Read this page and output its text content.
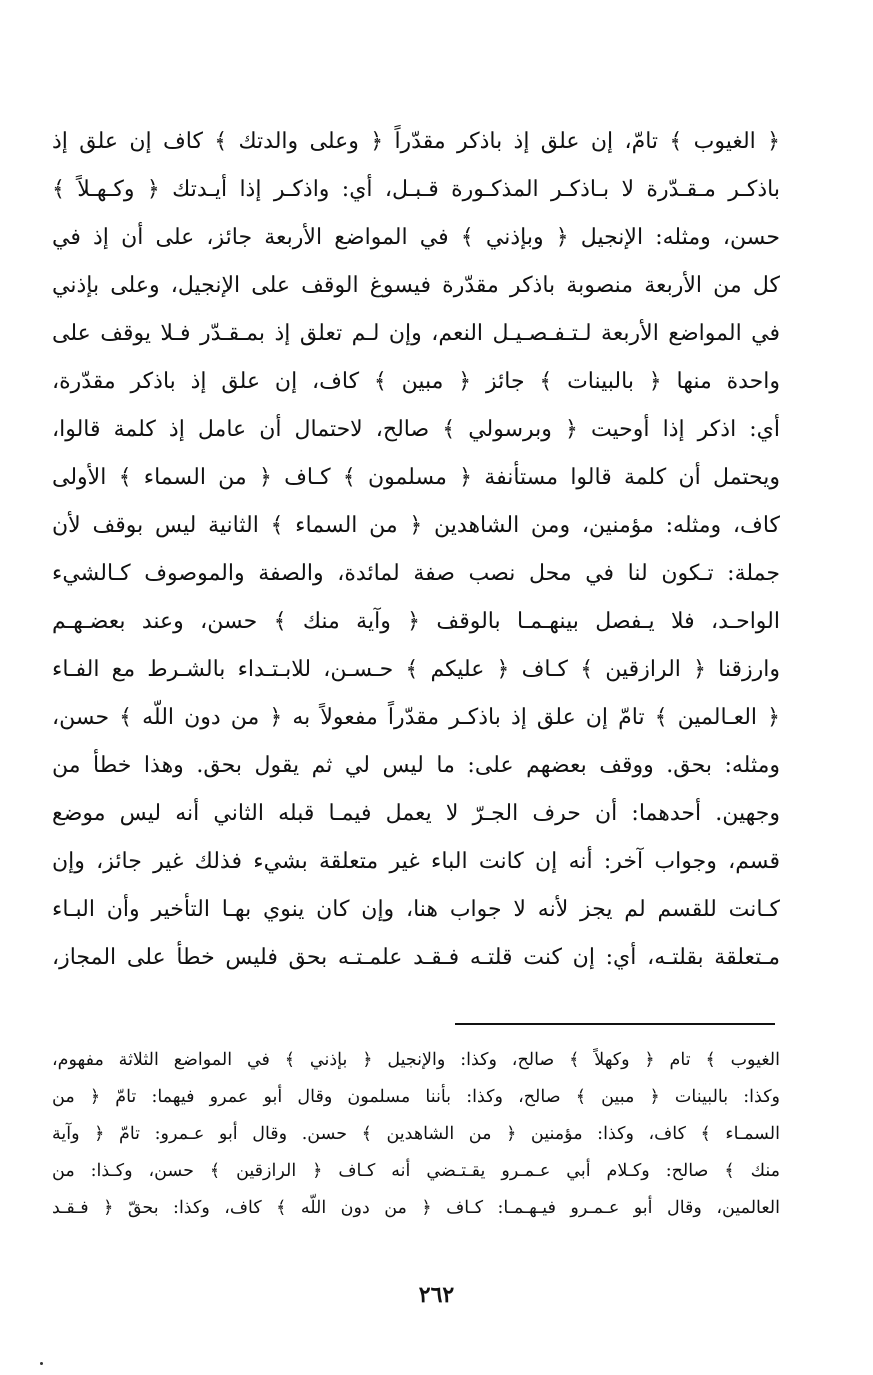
﴿ الغيوب ﴾ تامّ، إن علق إذ باذكر مقدّراً ﴿ وعلى والدتك ﴾ كاف إن علق إذ
باذكـر مـقـدّرة لا بـاذكـر المذكـورة قـبـل، أي: واذكـر إذا أيـدتك ﴿ وكـهـلاً ﴾
حسن، ومثله: الإنجيل ﴿ وبإذني ﴾ في المواضع الأربعة جائز، على أن إذ في
كل من الأربعة منصوبة باذكر مقدّرة فيسوغ الوقف على الإنجيل، وعلى بإذني
في المواضع الأربعة لـتـفـصـيـل النعم، وإن لـم تعلق إذ بمـقـدّر فـلا يوقف على
واحدة منها ﴿ بالبينات ﴾ جائز ﴿ مبين ﴾ كاف، إن علق إذ باذكر مقدّرة،
أي: اذكر إذا أوحيت ﴿ وبرسولي ﴾ صالح، لاحتمال أن عامل إذ كلمة قالوا،
ويحتمل أن كلمة قالوا مستأنفة ﴿ مسلمون ﴾ كـاف ﴿ من السماء ﴾ الأولى
كاف، ومثله: مؤمنين، ومن الشاهدين ﴿ من السماء ﴾ الثانية ليس بوقف لأن
جملة: تـكون لنا في محل نصب صفة لمائدة، والصفة والموصوف كـالشيء
الواحـد، فلا يـفصل بينهـمـا بالوقف ﴿ وآية منك ﴾ حسن، وعند بعضـهـم
وارزقنا ﴿ الرازقين ﴾ كـاف ﴿ عليكم ﴾ حـسـن، للابـتـداء بالشـرط مع الفـاء
﴿ العـالمين ﴾ تامّ إن علق إذ باذكـر مقدّراً مفعولاً به ﴿ من دون اللّه ﴾ حسن،
ومثله: بحق. ووقف بعضهم على: ما ليس لي ثم يقول بحق. وهذا خطأ من
وجهين. أحدهما: أن حرف الجـرّ لا يعمل فيمـا قبله الثاني أنه ليس موضع
قسم، وجواب آخر: أنه إن كانت الباء غير متعلقة بشيء فذلك غير جائز، وإن
كـانت للقسم لم يجز لأنه لا جواب هنا، وإن كان ينوي بهـا التأخير وأن البـاء
مـتعلقة بقلتـه، أي: إن كنت قلتـه فـقـد علمـتـه بحق فليس خطأ على المجاز،
الغيوب ﴾ تام ﴿ وكهلاً ﴾ صالح، وكذا: والإنجيل ﴿ بإذني ﴾ في المواضع الثلاثة مفهوم،
وكذا: بالبينات ﴿ مبين ﴾ صالح، وكذا: بأننا مسلمون وقال أبو عمرو فيهما: تامّ ﴿ من
السمـاء ﴾ كاف، وكذا: مؤمنين ﴿ من الشاهدين ﴾ حسن. وقال أبو عـمرو: تامّ ﴿ وآية
منك ﴾ صالح: وكـلام أبي عـمـرو يقـتـضي أنه كـاف ﴿ الرازقين ﴾ حسن، وكـذا: من
العالمين، وقال أبو عـمـرو فيـهـمـا: كـاف ﴿ من دون اللّه ﴾ كاف، وكذا: بحقّ ﴿ فـقـد
٢٦٢
